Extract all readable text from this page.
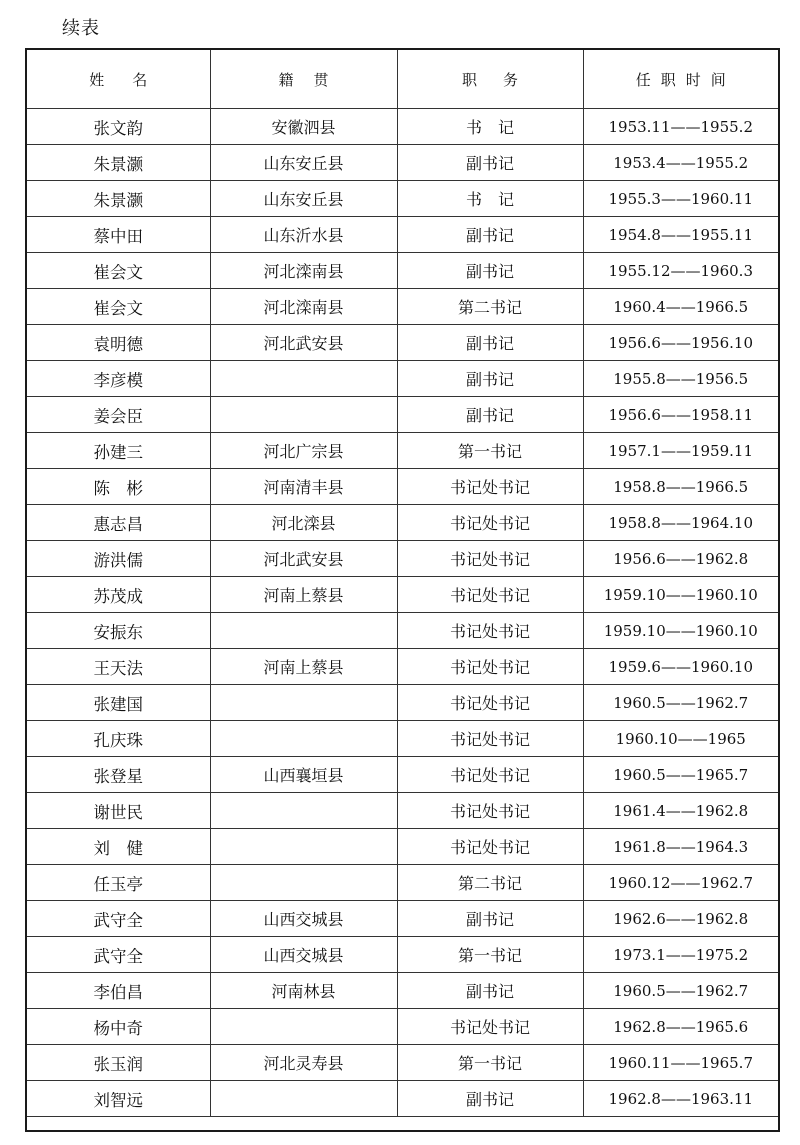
续表
姓名	籍贯	职务	任职时间
张文韵	安徽泗县	书　记	1953.11——1955.2
朱景灏	山东安丘县	副书记	1953.4——1955.2
朱景灏	山东安丘县	书　记	1955.3——1960.11
蔡中田	山东沂水县	副书记	1954.8——1955.11
崔会文	河北滦南县	副书记	1955.12——1960.3
崔会文	河北滦南县	第二书记	1960.4——1966.5
袁明德	河北武安县	副书记	1956.6——1956.10
李彦模		副书记	1955.8——1956.5
姜会臣		副书记	1956.6——1958.11
孙建三	河北广宗县	第一书记	1957.1——1959.11
陈　彬	河南清丰县	书记处书记	1958.8——1966.5
惠志昌	河北滦县	书记处书记	1958.8——1964.10
游洪儒	河北武安县	书记处书记	1956.6——1962.8
苏茂成	河南上蔡县	书记处书记	1959.10——1960.10
安振东		书记处书记	1959.10——1960.10
王天法	河南上蔡县	书记处书记	1959.6——1960.10
张建国		书记处书记	1960.5——1962.7
孔庆珠		书记处书记	1960.10——1965
张登星	山西襄垣县	书记处书记	1960.5——1965.7
谢世民		书记处书记	1961.4——1962.8
刘　健		书记处书记	1961.8——1964.3
任玉亭		第二书记	1960.12——1962.7
武守全	山西交城县	副书记	1962.6——1962.8
武守全	山西交城县	第一书记	1973.1——1975.2
李伯昌	河南林县	副书记	1960.5——1962.7
杨中奇		书记处书记	1962.8——1965.6
张玉润	河北灵寿县	第一书记	1960.11——1965.7
刘智远		副书记	1962.8——1963.11
